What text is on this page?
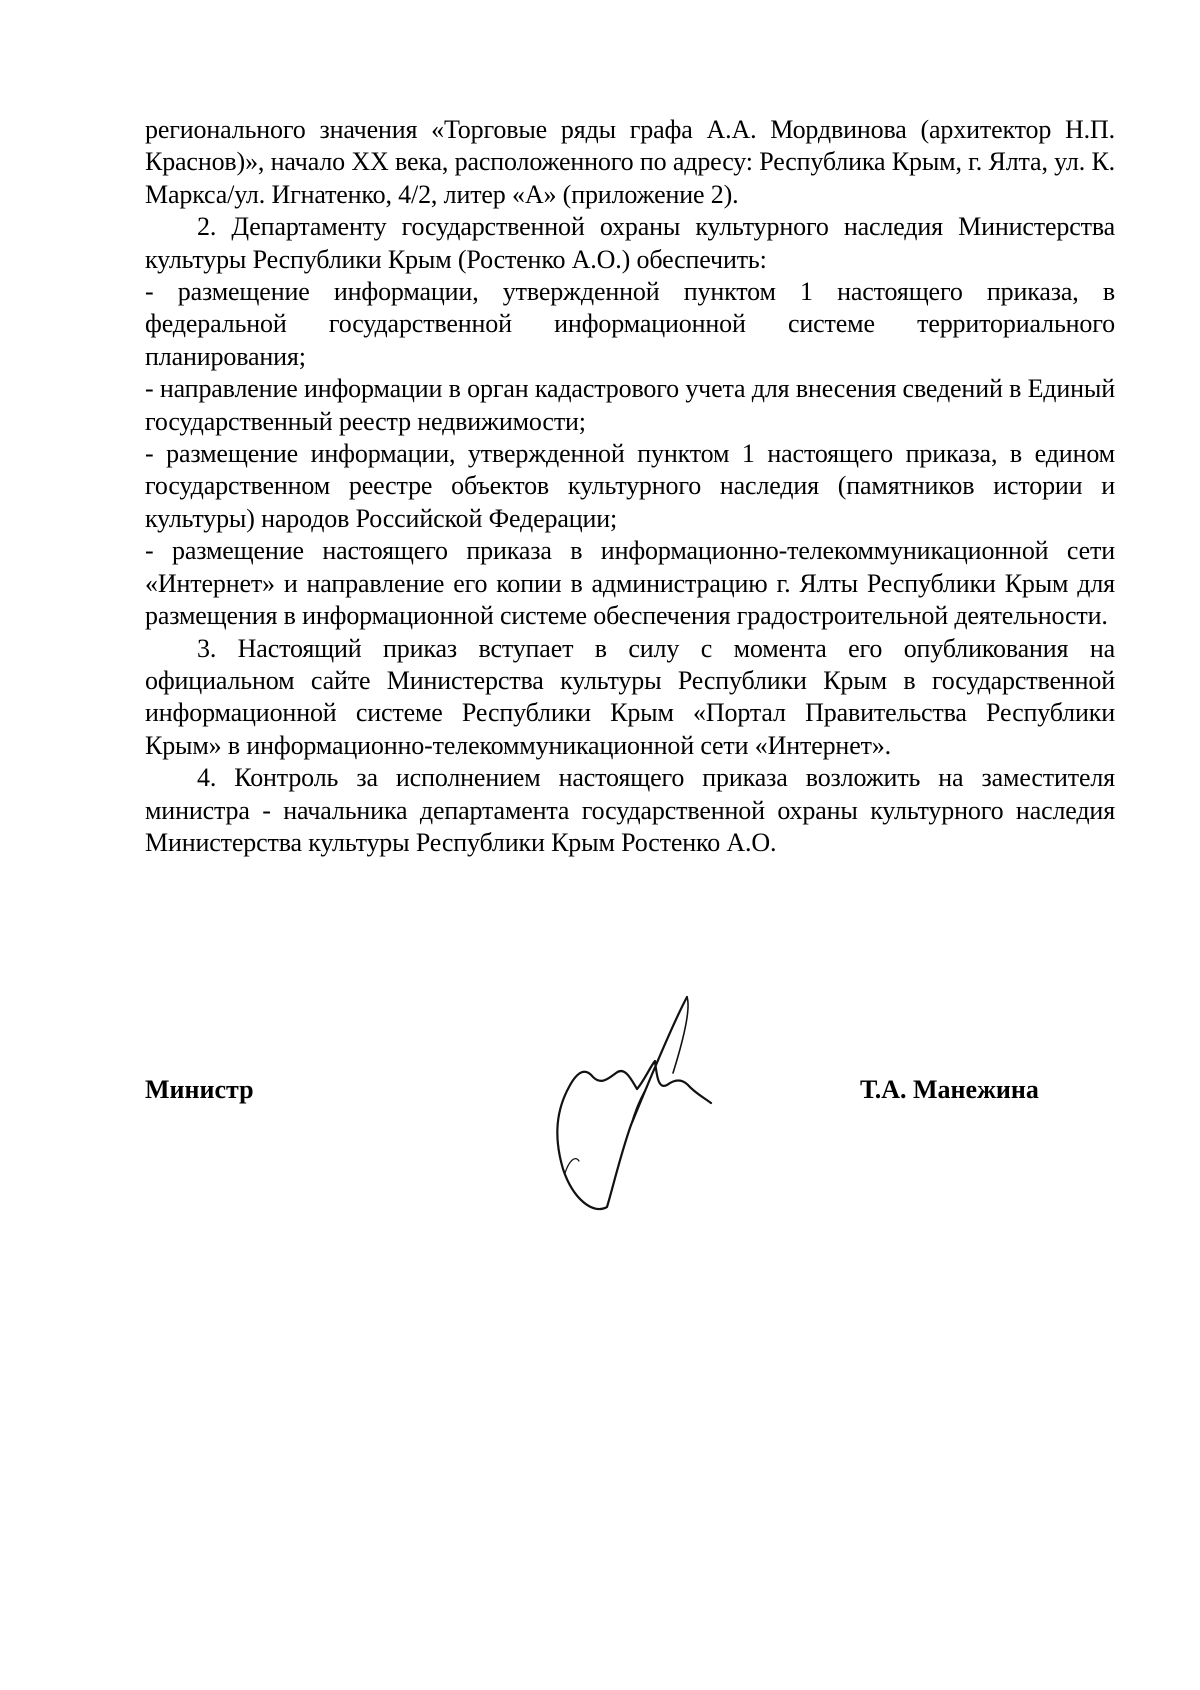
регионального значения «Торговые ряды графа А.А. Мордвинова (архитектор Н.П. Краснов)», начало XX века, расположенного по адресу: Республика Крым, г. Ялта, ул. К. Маркса/ул. Игнатенко, 4/2, литер «А» (приложение 2).

2. Департаменту государственной охраны культурного наследия Министерства культуры Республики Крым (Ростенко А.О.) обеспечить:

- размещение информации, утвержденной пунктом 1 настоящего приказа, в федеральной государственной информационной системе территориального планирования;

- направление информации в орган кадастрового учета для внесения сведений в Единый государственный реестр недвижимости;

- размещение информации, утвержденной пунктом 1 настоящего приказа, в едином государственном реестре объектов культурного наследия (памятников истории и культуры) народов Российской Федерации;

- размещение настоящего приказа в информационно-телекоммуникационной сети «Интернет» и направление его копии в администрацию г. Ялты Республики Крым для размещения в информационной системе обеспечения градостроительной деятельности.

3. Настоящий приказ вступает в силу с момента его опубликования на официальном сайте Министерства культуры Республики Крым в государственной информационной системе Республики Крым «Портал Правительства Республики Крым» в информационно-телекоммуникационной сети «Интернет».

4. Контроль за исполнением настоящего приказа возложить на заместителя министра - начальника департамента государственной охраны культурного наследия Министерства культуры Республики Крым Ростенко А.О.

Министр	Т.А. Манежина
